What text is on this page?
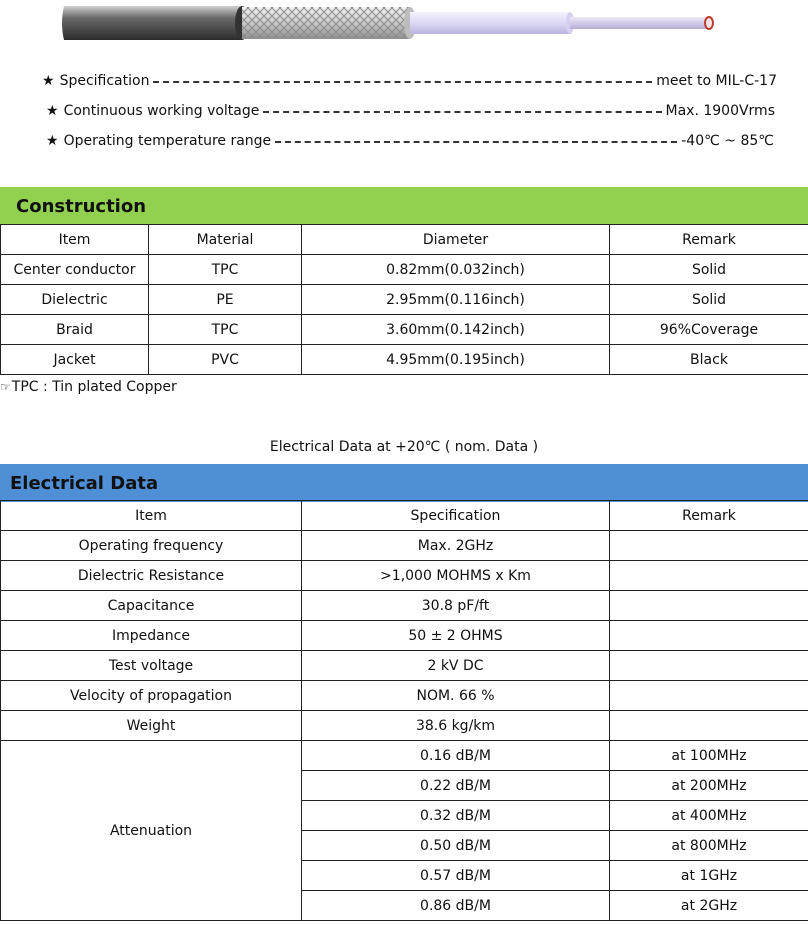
★ Specification	meet to MIL-C-17
★ Continuous working voltage	Max. 1900Vrms
★ Operating temperature range	-40℃ ~ 85℃
Construction
Item	Material	Diameter	Remark
Center conductor	TPC	0.82mm(0.032inch)	Solid
Dielectric	PE	2.95mm(0.116inch)	Solid
Braid	TPC	3.60mm(0.142inch)	96%Coverage
Jacket	PVC	4.95mm(0.195inch)	Black
☞ TPC : Tin plated Copper
Electrical Data at +20℃ ( nom. Data )
Electrical Data
Item	Specification	Remark
Operating frequency	Max. 2GHz	
Dielectric Resistance	>1,000 MOHMS x Km	
Capacitance	30.8 pF/ft	
Impedance	50 ± 2 OHMS	
Test voltage	2 kV DC	
Velocity of propagation	NOM. 66 %	
Weight	38.6 kg/km	
Attenuation	0.16 dB/M	at 100MHz
	0.22 dB/M	at 200MHz
	0.32 dB/M	at 400MHz
	0.50 dB/M	at 800MHz
	0.57 dB/M	at 1GHz
	0.86 dB/M	at 2GHz
